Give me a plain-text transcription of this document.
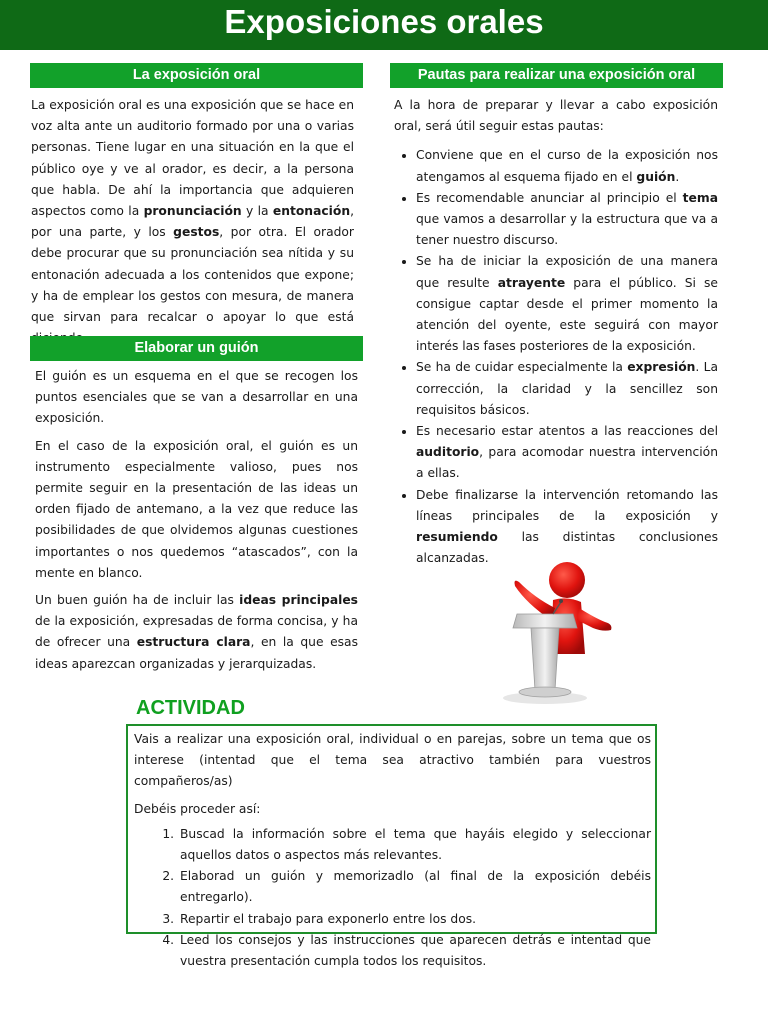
Exposiciones orales
La exposición oral

La exposición oral es una exposición que se hace en voz alta ante un auditorio formado por una o varias personas. Tiene lugar en una situación en la que el público oye y ve al orador, es decir, a la persona que habla. De ahí la importancia que adquieren aspectos como la pronunciación y la entonación, por una parte, y los gestos, por otra. El orador debe procurar que su pronunciación sea nítida y su entonación adecuada a los contenidos que expone; y ha de emplear los gestos con mesura, de manera que sirvan para recalcar o apoyar lo que está

Elaborar un guión

El guión es un esquema en el que se recogen los puntos esenciales que se van a desarrollar en una exposición.

En el caso de la exposición oral, el guión es un instrumento especialmente valioso, pues nos permite seguir en la presentación de las ideas un orden fijado de antemano, a la vez que reduce las posibilidades de que olvidemos algunas cuestiones importantes o nos quedemos “atascados”, con la mente en blanco.

Un buen guión ha de incluir las ideas principales de la exposición, expresadas de forma concisa, y ha de ofrecer una estructura clara, en la que esas ideas aparezcan organizadas y jerarquizadas.

Pautas para realizar una exposición oral

A la hora de preparar y llevar a cabo exposición oral, será útil seguir estas pautas:

• Conviene que en el curso de la exposición nos atengamos al esquema fijado en el guión.
• Es recomendable anunciar al principio el tema que vamos a desarrollar y la estructura que va a tener nuestro discurso.
• Se ha de iniciar la exposición de una manera que resulte atrayente para el público. Si se consigue captar desde el primer momento la atención del oyente, este seguirá con mayor interés las fases posteriores de la exposición.
• Se ha de cuidar especialmente la expresión. La corrección, la claridad y la sencillez son requisitos básicos.
• Es necesario estar atentos a las reacciones del auditorio, para acomodar nuestra intervención a ellas.
• Debe finalizarse la intervención retomando las líneas principales de la exposición y resumiendo las distintas conclusiones alcanzadas.
ACTIVIDAD

Vais a realizar una exposición oral, individual o en parejas, sobre un tema que os interese (intentad que el tema sea atractivo también para vuestros compañeros/as)

Debéis proceder así:

1. Buscad la información sobre el tema que hayáis elegido y seleccionar aquellos datos o aspectos más relevantes.
2. Elaborad un guión y memorizadlo (al final de la exposición debéis entregarlo).
3. Repartir el trabajo para exponerlo entre los dos.
4. Leed los consejos y las instrucciones que aparecen detrás e intentad que vuestra presentación cumpla todos los requisitos.
